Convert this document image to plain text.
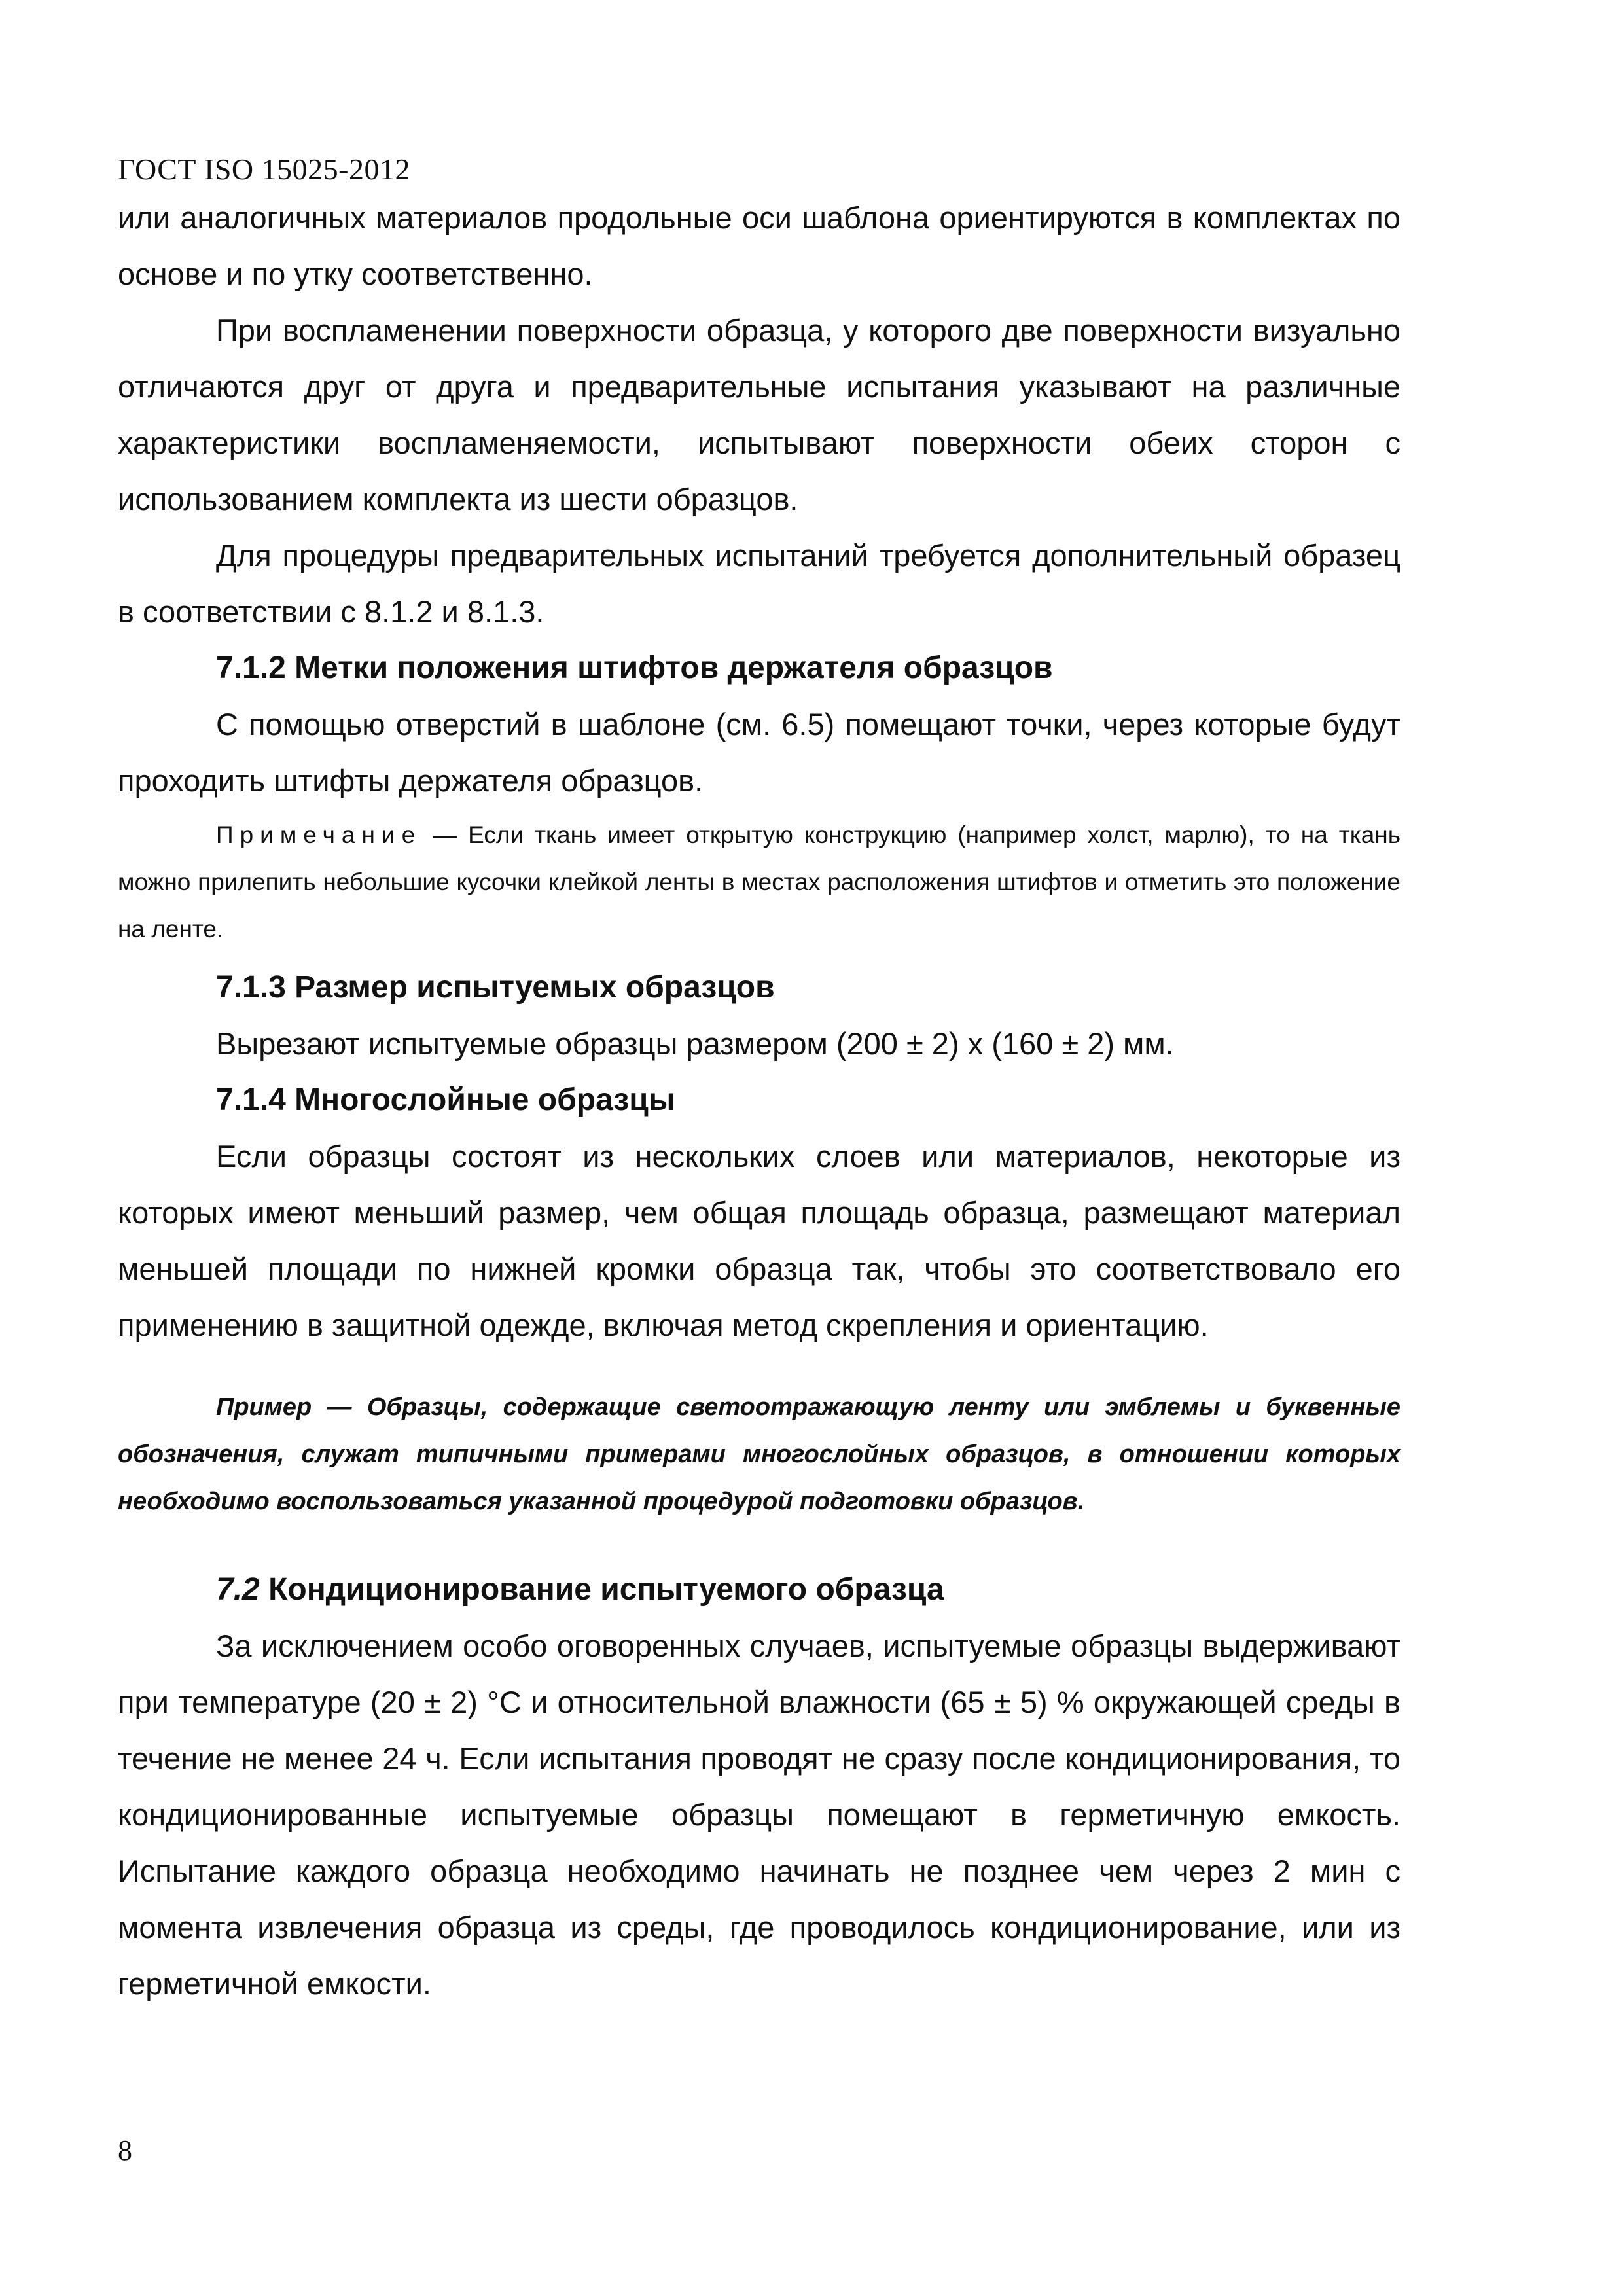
ГОСТ ISO 15025-2012

или аналогичных материалов продольные оси шаблона ориентируются в комплектах по основе и по утку соответственно.

При воспламенении поверхности образца, у которого две поверхности визуально отличаются друг от друга и предварительные испытания указывают на различные характеристики воспламеняемости, испытывают поверхности обеих сторон с использованием комплекта из шести образцов.

Для процедуры предварительных испытаний требуется дополнительный образец в соответствии с 8.1.2 и 8.1.3.

7.1.2 Метки положения штифтов держателя образцов

С помощью отверстий в шаблоне (см. 6.5) помещают точки, через которые будут проходить штифты держателя образцов.

Примечание — Если ткань имеет открытую конструкцию (например холст, марлю), то на ткань можно прилепить небольшие кусочки клейкой ленты в местах расположения штифтов и отметить это положение на ленте.

7.1.3 Размер испытуемых образцов

Вырезают испытуемые образцы размером (200 ± 2) х (160 ± 2) мм.

7.1.4 Многослойные образцы

Если образцы состоят из нескольких слоев или материалов, некоторые из которых имеют меньший размер, чем общая площадь образца, размещают материал меньшей площади по нижней кромки образца так, чтобы это соответствовало его применению в защитной одежде, включая метод скрепления и ориентацию.

Пример — Образцы, содержащие светоотражающую ленту или эмблемы и буквенные обозначения, служат типичными примерами многослойных образцов, в отношении которых необходимо воспользоваться указанной процедурой подготовки образцов.

7.2 Кондиционирование испытуемого образца

За исключением особо оговоренных случаев, испытуемые образцы выдерживают при температуре (20 ± 2) °С и относительной влажности (65 ± 5) % окружающей среды в течение не менее 24 ч. Если испытания проводят не сразу после кондиционирования, то кондиционированные испытуемые образцы помещают в герметичную емкость. Испытание каждого образца необходимо начинать не позднее чем через 2 мин с момента извлечения образца из среды, где проводилось кондиционирование, или из герметичной емкости.

8
